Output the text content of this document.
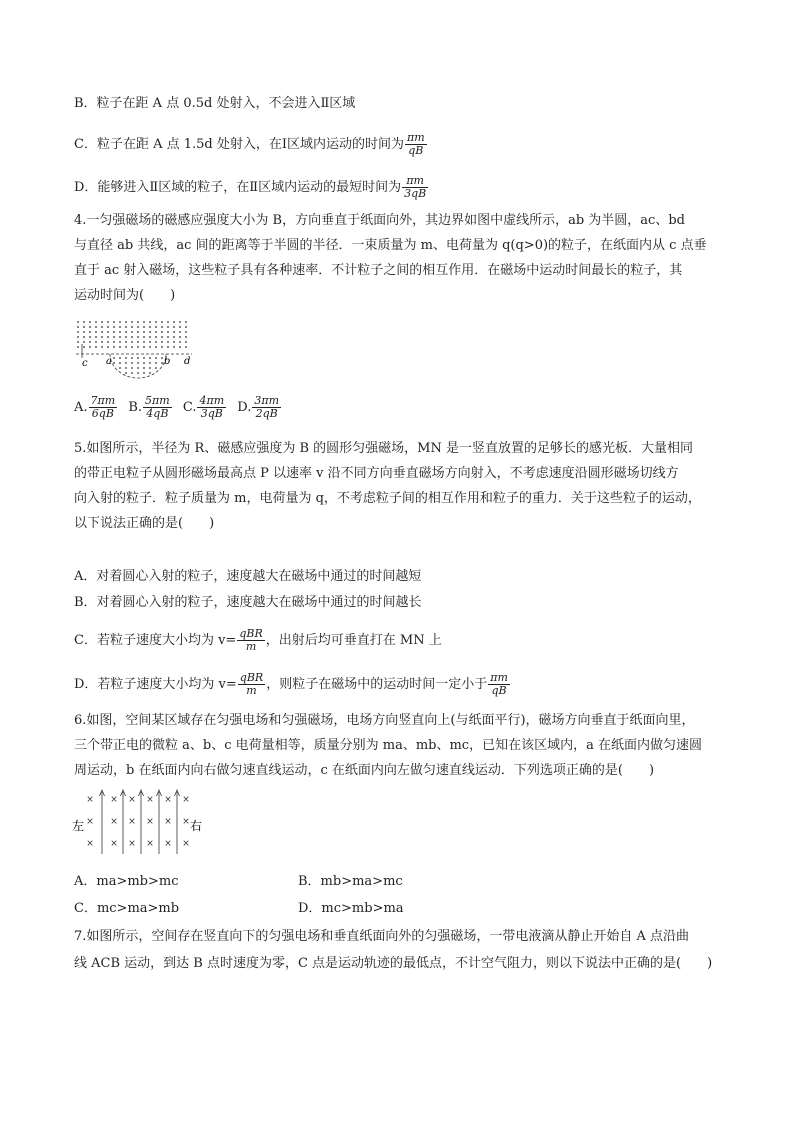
B．粒子在距 A 点 0.5d 处射入，不会进入Ⅱ区域
C．粒子在距 A 点 1.5d 处射入，在Ⅰ区域内运动的时间为 $\frac{\pi m}{qB}$
D．能够进入Ⅱ区域的粒子，在Ⅱ区域内运动的最短时间为 $\frac{\pi m}{3qB}$
4.一匀强磁场的磁感应强度大小为 B，方向垂直于纸面向外，其边界如图中虚线所示，ab 为半圆，ac、bd
与直径 ab 共线，ac 间的距离等于半圆的半径．一束质量为 m、电荷量为 q(q>0)的粒子，在纸面内从 c 点垂
直于 ac 射入磁场，这些粒子具有各种速率．不计粒子之间的相互作用．在磁场中运动时间最长的粒子，其
运动时间为(　　)
c a	b d
A. $\frac{7\pi m}{6qB} B$. $\frac{5\pi m}{4qB} C$. $\frac{4\pi m}{3qB} D$. $\frac{3\pi m}{2qB}$
5.如图所示，半径为 R、磁感应强度为 B 的圆形匀强磁场，MN 是一竖直放置的足够长的感光板．大量相同
的带正电粒子从圆形磁场最高点 P 以速率 v 沿不同方向垂直磁场方向射入，不考虑速度沿圆形磁场切线方
向入射的粒子．粒子质量为 m，电荷量为 q，不考虑粒子间的相互作用和粒子的重力．关于这些粒子的运动，
以下说法正确的是(　　)
A．对着圆心入射的粒子，速度越大在磁场中通过的时间越短
B．对着圆心入射的粒子，速度越大在磁场中通过的时间越长
C．若粒子速度大小均为 $v= \frac{\text{qBR}}{m}$ ，出射后均可垂直打在 MN 上
D．若粒子速度大小均为 $v= \frac{\text{qBR}}{m}$ ，则粒子在磁场中的运动时间一定小于 $\frac{\pi m}{qB}$
6.如图，空间某区域存在匀强电场和匀强磁场，电场方向竖直向上(与纸面平行)，磁场方向垂直于纸面向里，
三个带正电的微粒 a、b、c 电荷量相等，质量分别为 ma、mb、mc，已知在该区域内，a 在纸面内做匀速圆
周运动，b 在纸面内向右做匀速直线运动，c 在纸面内向左做匀速直线运动．下列选项正确的是(　　)
×
×
×
×
×
×
×
×
×
×
×
×
×
×
×
×
×
×
左	右
A．ma>mb>mc	B．mb>ma>mc
C．mc>ma>mb	D．mc>mb>ma
7.如图所示，空间存在竖直向下的匀强电场和垂直纸面向外的匀强磁场，一带电液滴从静止开始自 A 点沿曲
线 ACB 运动，到达 B 点时速度为零，C 点是运动轨迹的最低点，不计空气阻力，则以下说法中正确的是(　　)
